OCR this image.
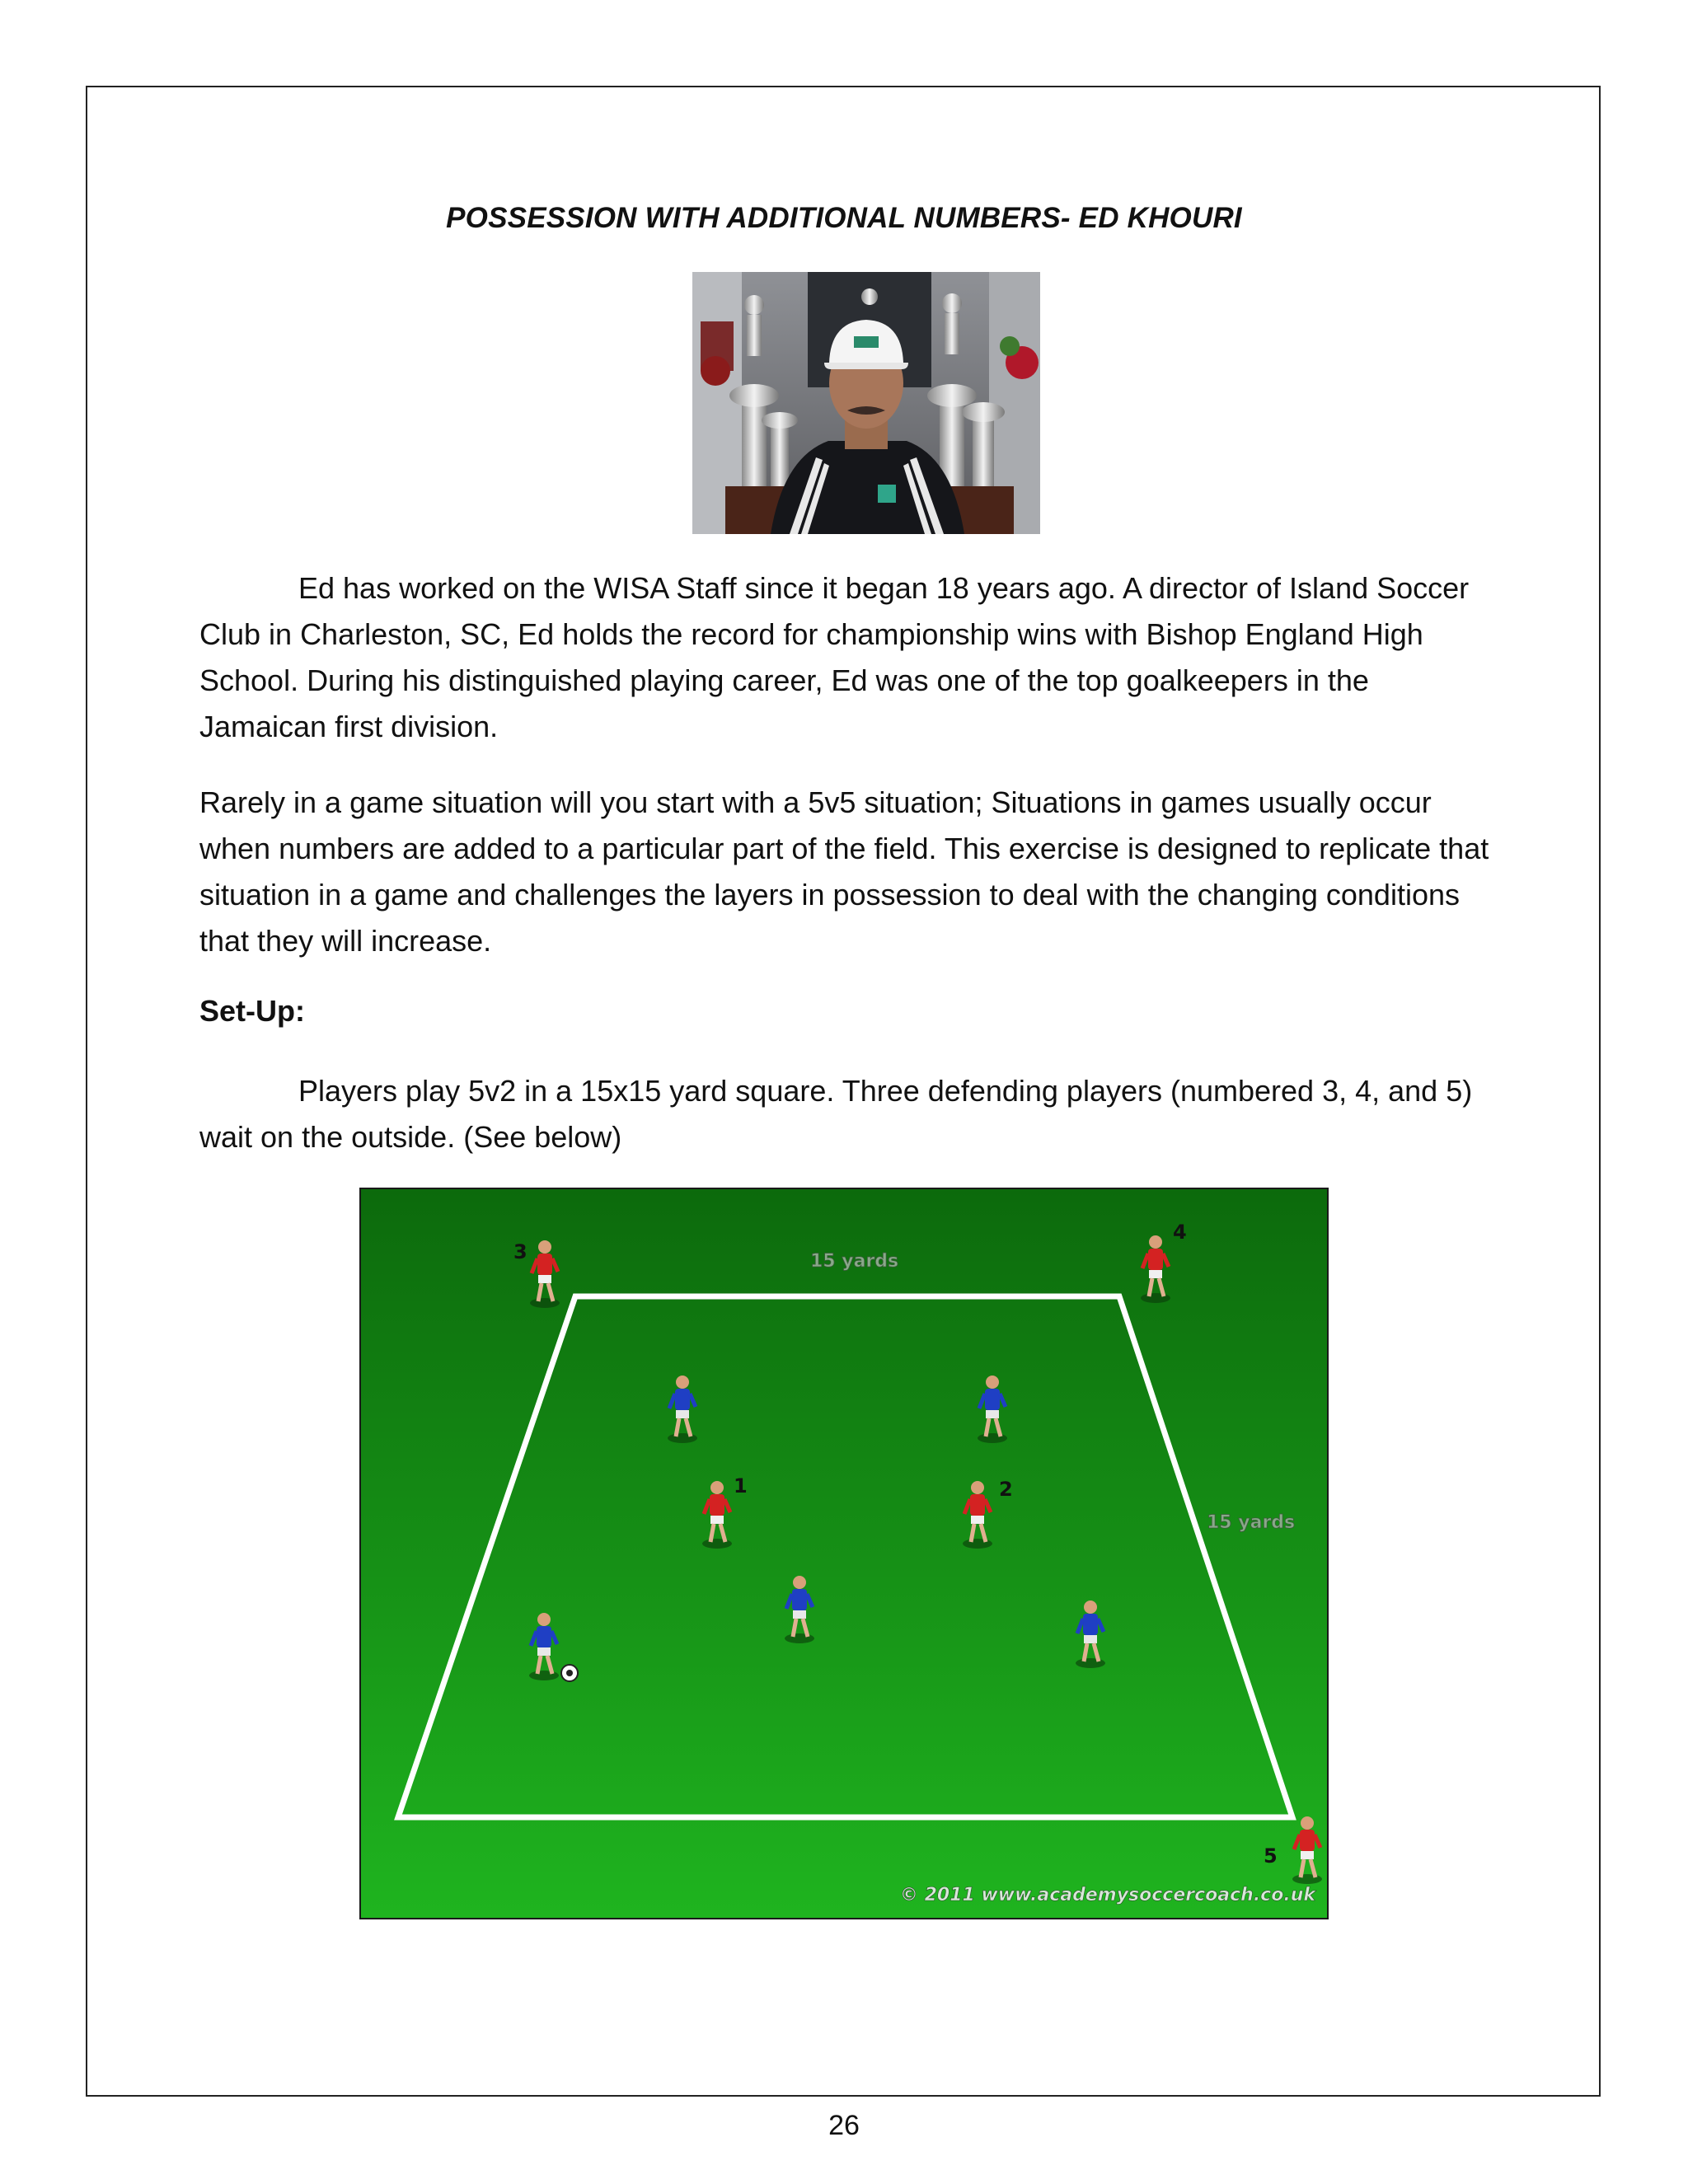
POSSESSION WITH ADDITIONAL NUMBERS- ED KHOURI
Ed has worked on the WISA Staff since it began 18 years ago. A director of Island Soccer Club in Charleston, SC, Ed holds the record for championship wins with Bishop England High School. During his distinguished playing career, Ed was one of the top goalkeepers in the Jamaican first division.
Rarely in a game situation will you start with a 5v5 situation; Situations in games usually occur when numbers are added to a particular part of the field. This exercise is designed to replicate that situation in a game and challenges the layers in possession to deal with the changing conditions that they will increase.
Set-Up:
Players play 5v2 in a 15x15 yard square. Three defending players (numbered 3, 4, and 5) wait on the outside. (See below)
15 yards
15 yards
1	2
3
4
5
© 2011 www.academysoccercoach.co.uk
26
